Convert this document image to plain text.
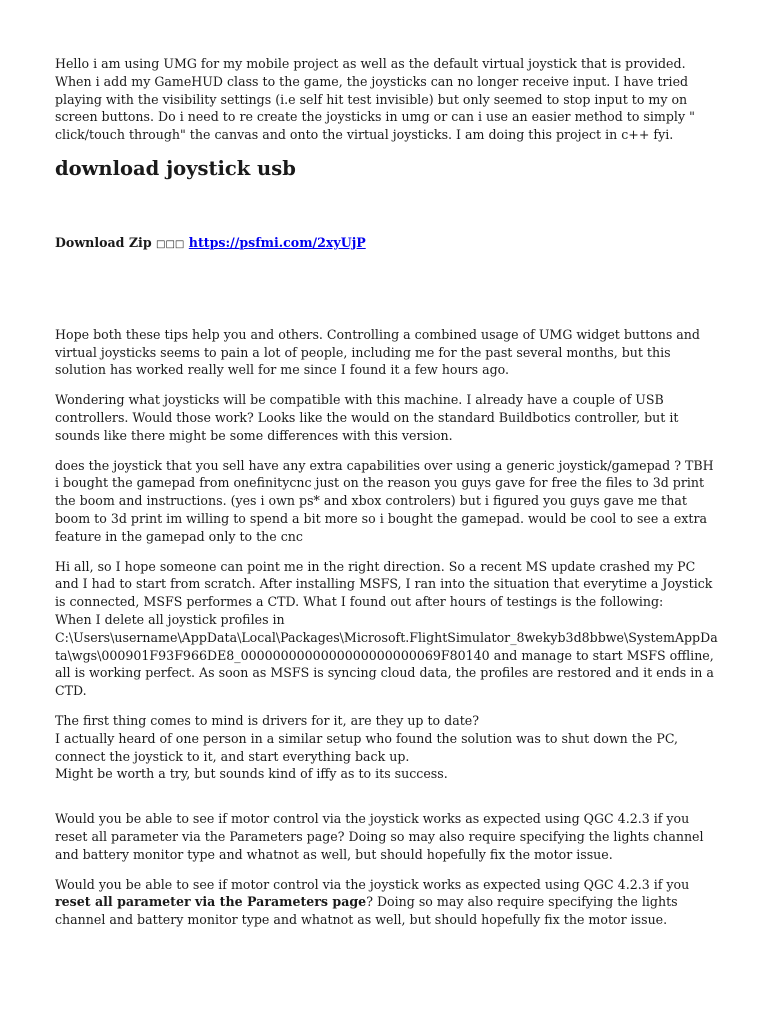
Hello i am using UMG for my mobile project as well as the default virtual joystick that is provided. When i add my GameHUD class to the game, the joysticks can no longer receive input. I have tried playing with the visibility settings (i.e self hit test invisible) but only seemed to stop input to my on screen buttons. Do i need to re create the joysticks in umg or can i use an easier method to simply " click/touch through" the canvas and onto the virtual joysticks. I am doing this project in c++ fyi.

download joystick usb
Download Zip □□□ https://psfmi.com/2xyUjP

Hope both these tips help you and others. Controlling a combined usage of UMG widget buttons and virtual joysticks seems to pain a lot of people, including me for the past several months, but this solution has worked really well for me since I found it a few hours ago.

Wondering what joysticks will be compatible with this machine. I already have a couple of USB controllers. Would those work? Looks like the would on the standard Buildbotics controller, but it sounds like there might be some differences with this version.

does the joystick that you sell have any extra capabilities over using a generic joystick/gamepad ? TBH i bought the gamepad from onefinitycnc just on the reason you guys gave for free the files to 3d print the boom and instructions. (yes i own ps* and xbox controlers) but i figured you guys gave me that boom to 3d print im willing to spend a bit more so i bought the gamepad. would be cool to see a extra feature in the gamepad only to the cnc

Hi all, so I hope someone can point me in the right direction. So a recent MS update crashed my PC and I had to start from scratch. After installing MSFS, I ran into the situation that everytime a Joystick is connected, MSFS performes a CTD. What I found out after hours of testings is the following:
When I delete all joystick profiles in C:\Users\username\AppData\Local\Packages\Microsoft.FlightSimulator_8wekyb3d8bbwe\SystemAppData\wgs\000901F93F966DE8_0000000000000000000000069F80140 and manage to start MSFS offline, all is working perfect. As soon as MSFS is syncing cloud data, the profiles are restored and it ends in a CTD.

The first thing comes to mind is drivers for it, are they up to date?
I actually heard of one person in a similar setup who found the solution was to shut down the PC, connect the joystick to it, and start everything back up.
Might be worth a try, but sounds kind of iffy as to its success.

Would you be able to see if motor control via the joystick works as expected using QGC 4.2.3 if you reset all parameter via the Parameters page? Doing so may also require specifying the lights channel and battery monitor type and whatnot as well, but should hopefully fix the motor issue.

Would you be able to see if motor control via the joystick works as expected using QGC 4.2.3 if you reset all parameter via the Parameters page? Doing so may also require specifying the lights channel and battery monitor type and whatnot as well, but should hopefully fix the motor issue.
